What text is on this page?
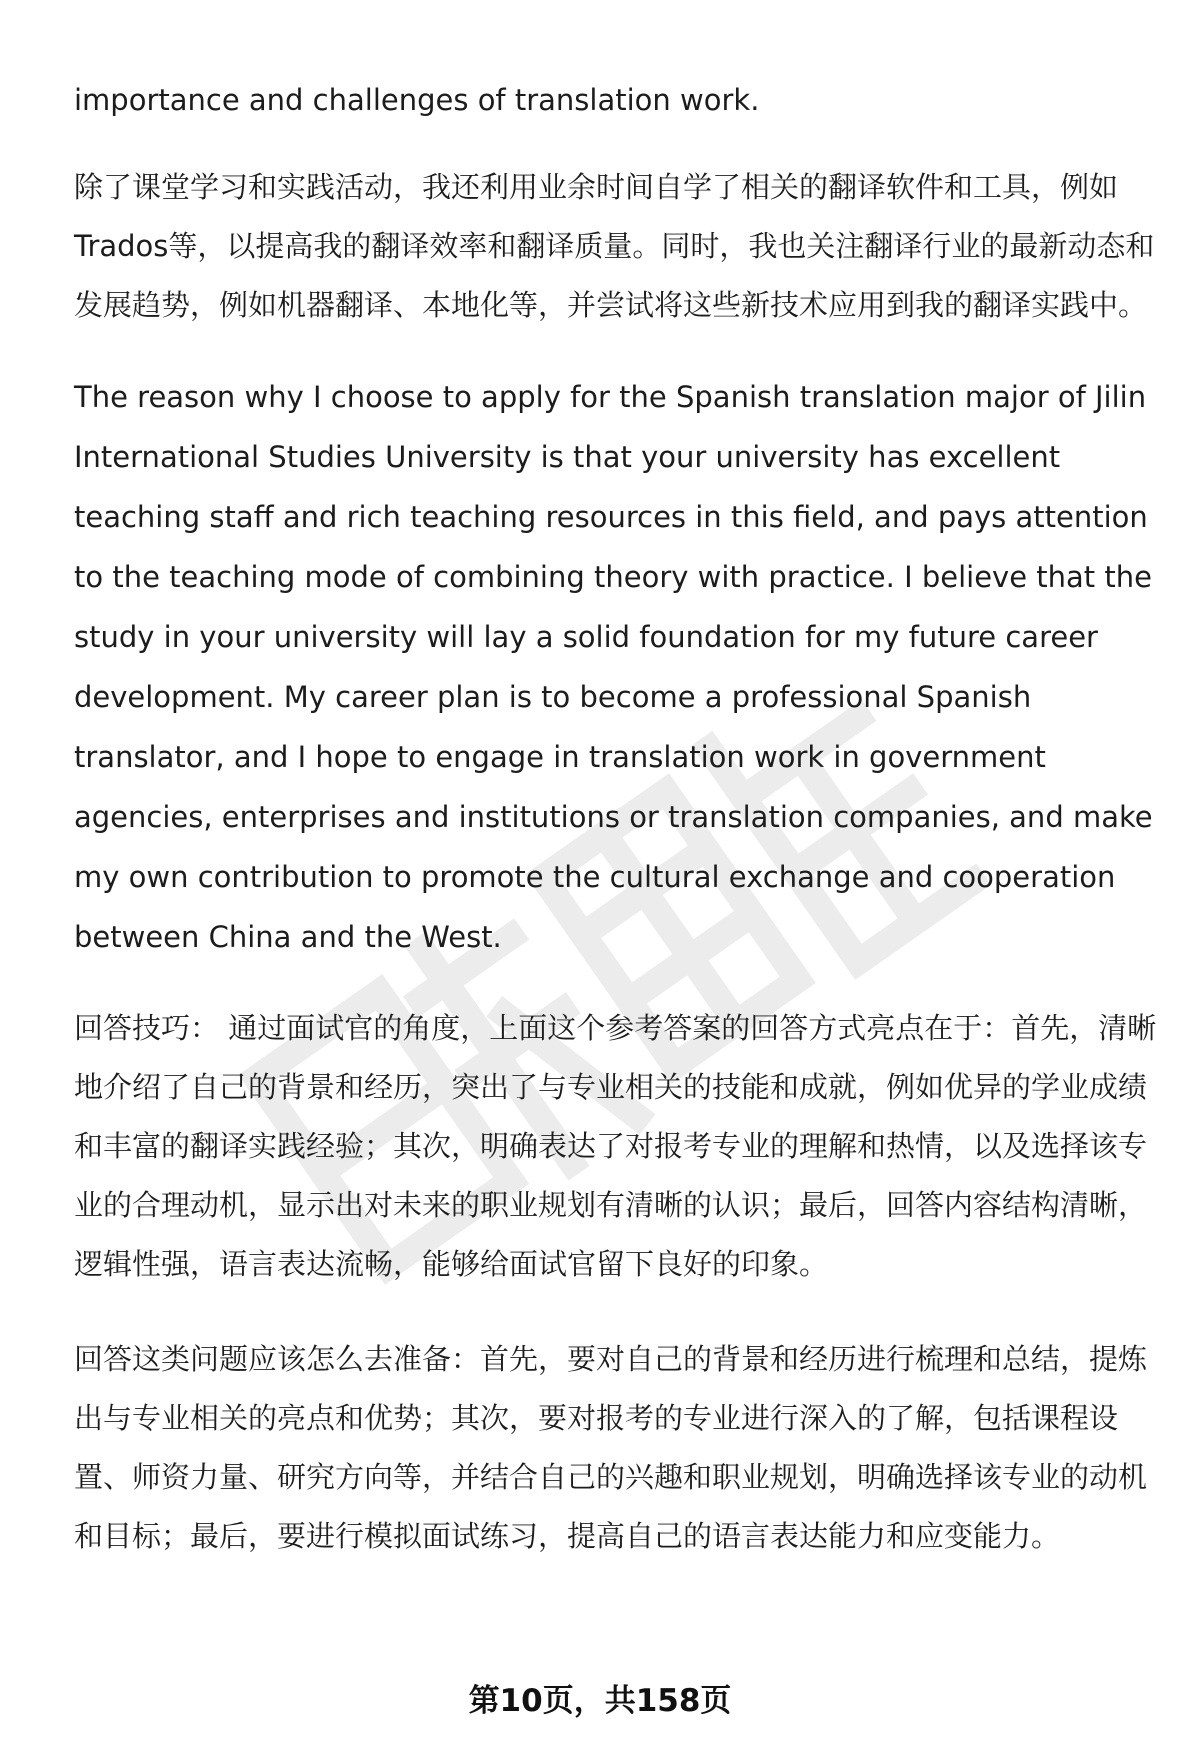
importance and challenges of translation work.

除了课堂学习和实践活动，我还利用业余时间自学了相关的翻译软件和工具，例如Trados等，以提高我的翻译效率和翻译质量。同时，我也关注翻译行业的最新动态和发展趋势，例如机器翻译、本地化等，并尝试将这些新技术应用到我的翻译实践中。

The reason why I choose to apply for the Spanish translation major of Jilin International Studies University is that your university has excellent teaching staff and rich teaching resources in this field, and pays attention to the teaching mode of combining theory with practice. I believe that the study in your university will lay a solid foundation for my future career development. My career plan is to become a professional Spanish translator, and I hope to engage in translation work in government agencies, enterprises and institutions or translation companies, and make my own contribution to promote the cultural exchange and cooperation between China and the West.

回答技巧： 通过面试官的角度，上面这个参考答案的回答方式亮点在于：首先，清晰地介绍了自己的背景和经历，突出了与专业相关的技能和成就，例如优异的学业成绩和丰富的翻译实践经验；其次，明确表达了对报考专业的理解和热情，以及选择该专业的合理动机，显示出对未来的职业规划有清晰的认识；最后，回答内容结构清晰，逻辑性强，语言表达流畅，能够给面试官留下良好的印象。

回答这类问题应该怎么去准备：首先，要对自己的背景和经历进行梳理和总结，提炼出与专业相关的亮点和优势；其次，要对报考的专业进行深入的了解，包括课程设置、师资力量、研究方向等，并结合自己的兴趣和职业规划，明确选择该专业的动机和目标；最后，要进行模拟面试练习，提高自己的语言表达能力和应变能力。

第10页，共158页
